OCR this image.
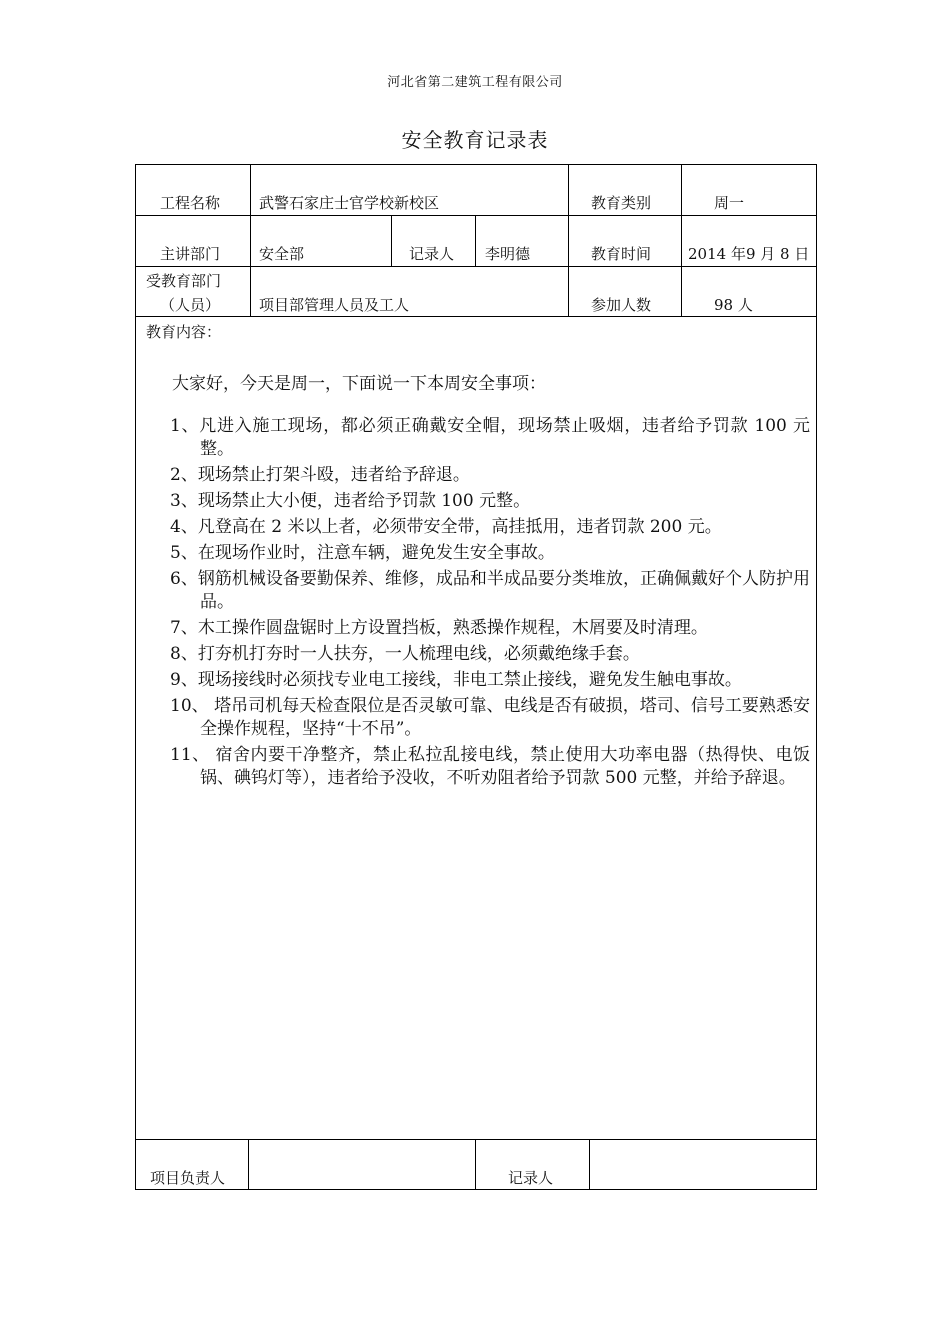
河北省第二建筑工程有限公司
安全教育记录表
工程名称	武警石家庄士官学校新校区	教育类别	周一
主讲部门	安全部	记录人 李明德	教育时间 2014 年9 月 8 日
受教育部门
（人员）	项目部管理人员及工人	参加人数	98 人
教育内容：
大家好，今天是周一，下面说一下本周安全事项：
1、凡进入施工现场，都必须正确戴安全帽，现场禁止吸烟，违者给予罚款 100 元整。
2、现场禁止打架斗殴，违者给予辞退。
3、现场禁止大小便，违者给予罚款 100 元整。
4、凡登高在 2 米以上者，必须带安全带，高挂抵用，违者罚款 200 元。
5、在现场作业时，注意车辆，避免发生安全事故。
6、钢筋机械设备要勤保养、维修，成品和半成品要分类堆放，正确佩戴好个人防护用品。
7、木工操作圆盘锯时上方设置挡板，熟悉操作规程，木屑要及时清理。
8、打夯机打夯时一人扶夯，一人梳理电线，必须戴绝缘手套。
9、现场接线时必须找专业电工接线，非电工禁止接线，避免发生触电事故。
10、 塔吊司机每天检查限位是否灵敏可靠、电线是否有破损，塔司、信号工要熟悉安全操作规程，坚持“十不吊”。
11、 宿舍内要干净整齐，禁止私拉乱接电线，禁止使用大功率电器（热得快、电饭锅、碘钨灯等），违者给予没收，不听劝阻者给予罚款 500 元整，并给予辞退。
项目负责人	记录人
